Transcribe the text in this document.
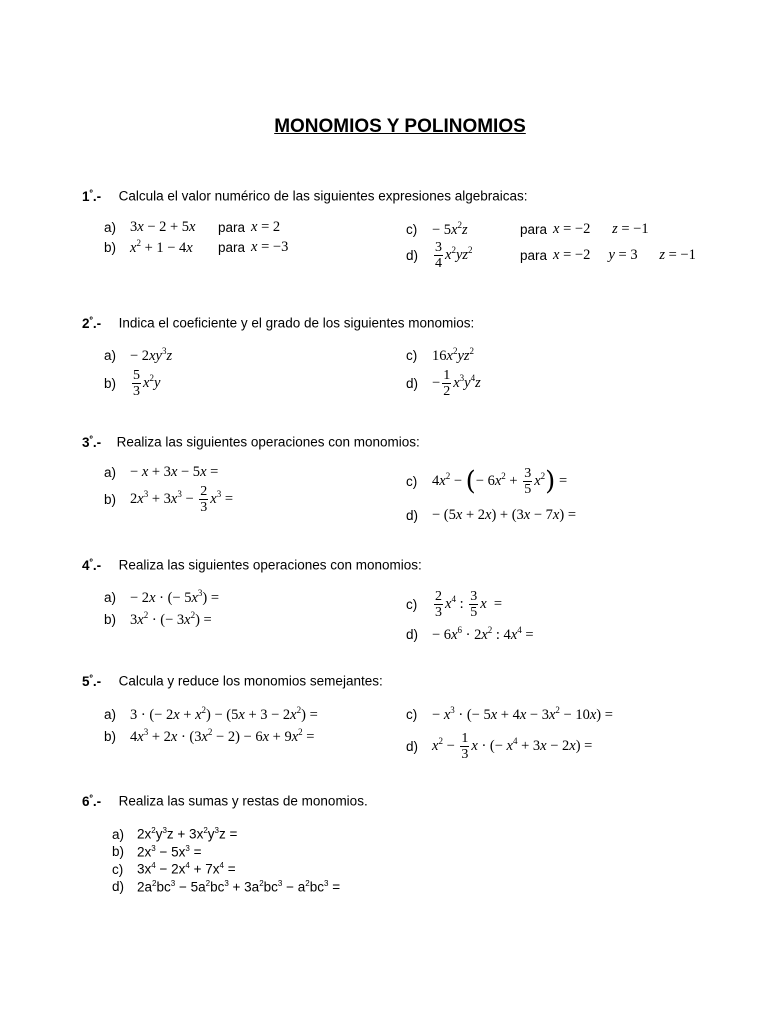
MONOMIOS Y POLINOMIOS
$1^º.-$ Calcula el valor numérico de las siguientes expresiones algebraicas:
a) 3x − 2 + 5x	para x = 2
b) $x^2 + 1 - 4x$	para x = −3
c)	− $5x^2z$	para x = −2      z = −1
d)	$\frac{3}{4} x^2yz^2$	para x = −2     y = 3      z = −1
$2^º.-$ Indica el coeficiente y el grado de los siguientes monomios:
$a) - 2xy^3z$
b)	$\frac{5}{3} x^2y$
c)	$16x^2yz^2$
$d) - \frac{1}{2} x^3y^4z$
$3^º.-$ Realiza las siguientes operaciones con monomios:
a) − x + 3x − 5x =
b) $2x^3 + 3x^3 - \frac{2}{3} x^3$ =
c)	$4x^2$ − (− $6x^2 + \frac{3}{5} x^2$) =
d) − (5x + 2x) + (3x − 7x) =
$4^º.-$ Realiza las siguientes operaciones con monomios:
a) − 2x · (− $5x^3$) =
b) $3x^2$ · (− $3x^2$) =
c)	$\frac{2}{3} x^4$ : $\frac{3}{5}$ x  =
$d) - 6x^6 \cdot 2x^2$ : $4x^4$ =
$5^º.-$ Calcula y reduce los monomios semejantes:
a) 3 · (− $2x + x^2) - (5x + 3 - 2x^2)$ =
b) $4x^3 + 2x \cdot (3x^2 - 2) - 6x + 9x^2$ =
c)	− $x^3$ · (− $5x + 4x - 3x^2 - 10x$) =
d) $x^2 - \frac{1}{3}$ x · (− $x^4 + 3x - 2x$) =
$6^º.-$ Realiza las sumas y restas de monomios.
a) $2x^2y^3z + 3x^2y^3z$ =
b) $2x^3 - 5x^3$ =
c) $3x^4 - 2x^4 + 7x^4$ =
d) $2a^2bc^3 - 5a^2bc^3 + 3a^2bc^3 - a^2bc^3$ =
